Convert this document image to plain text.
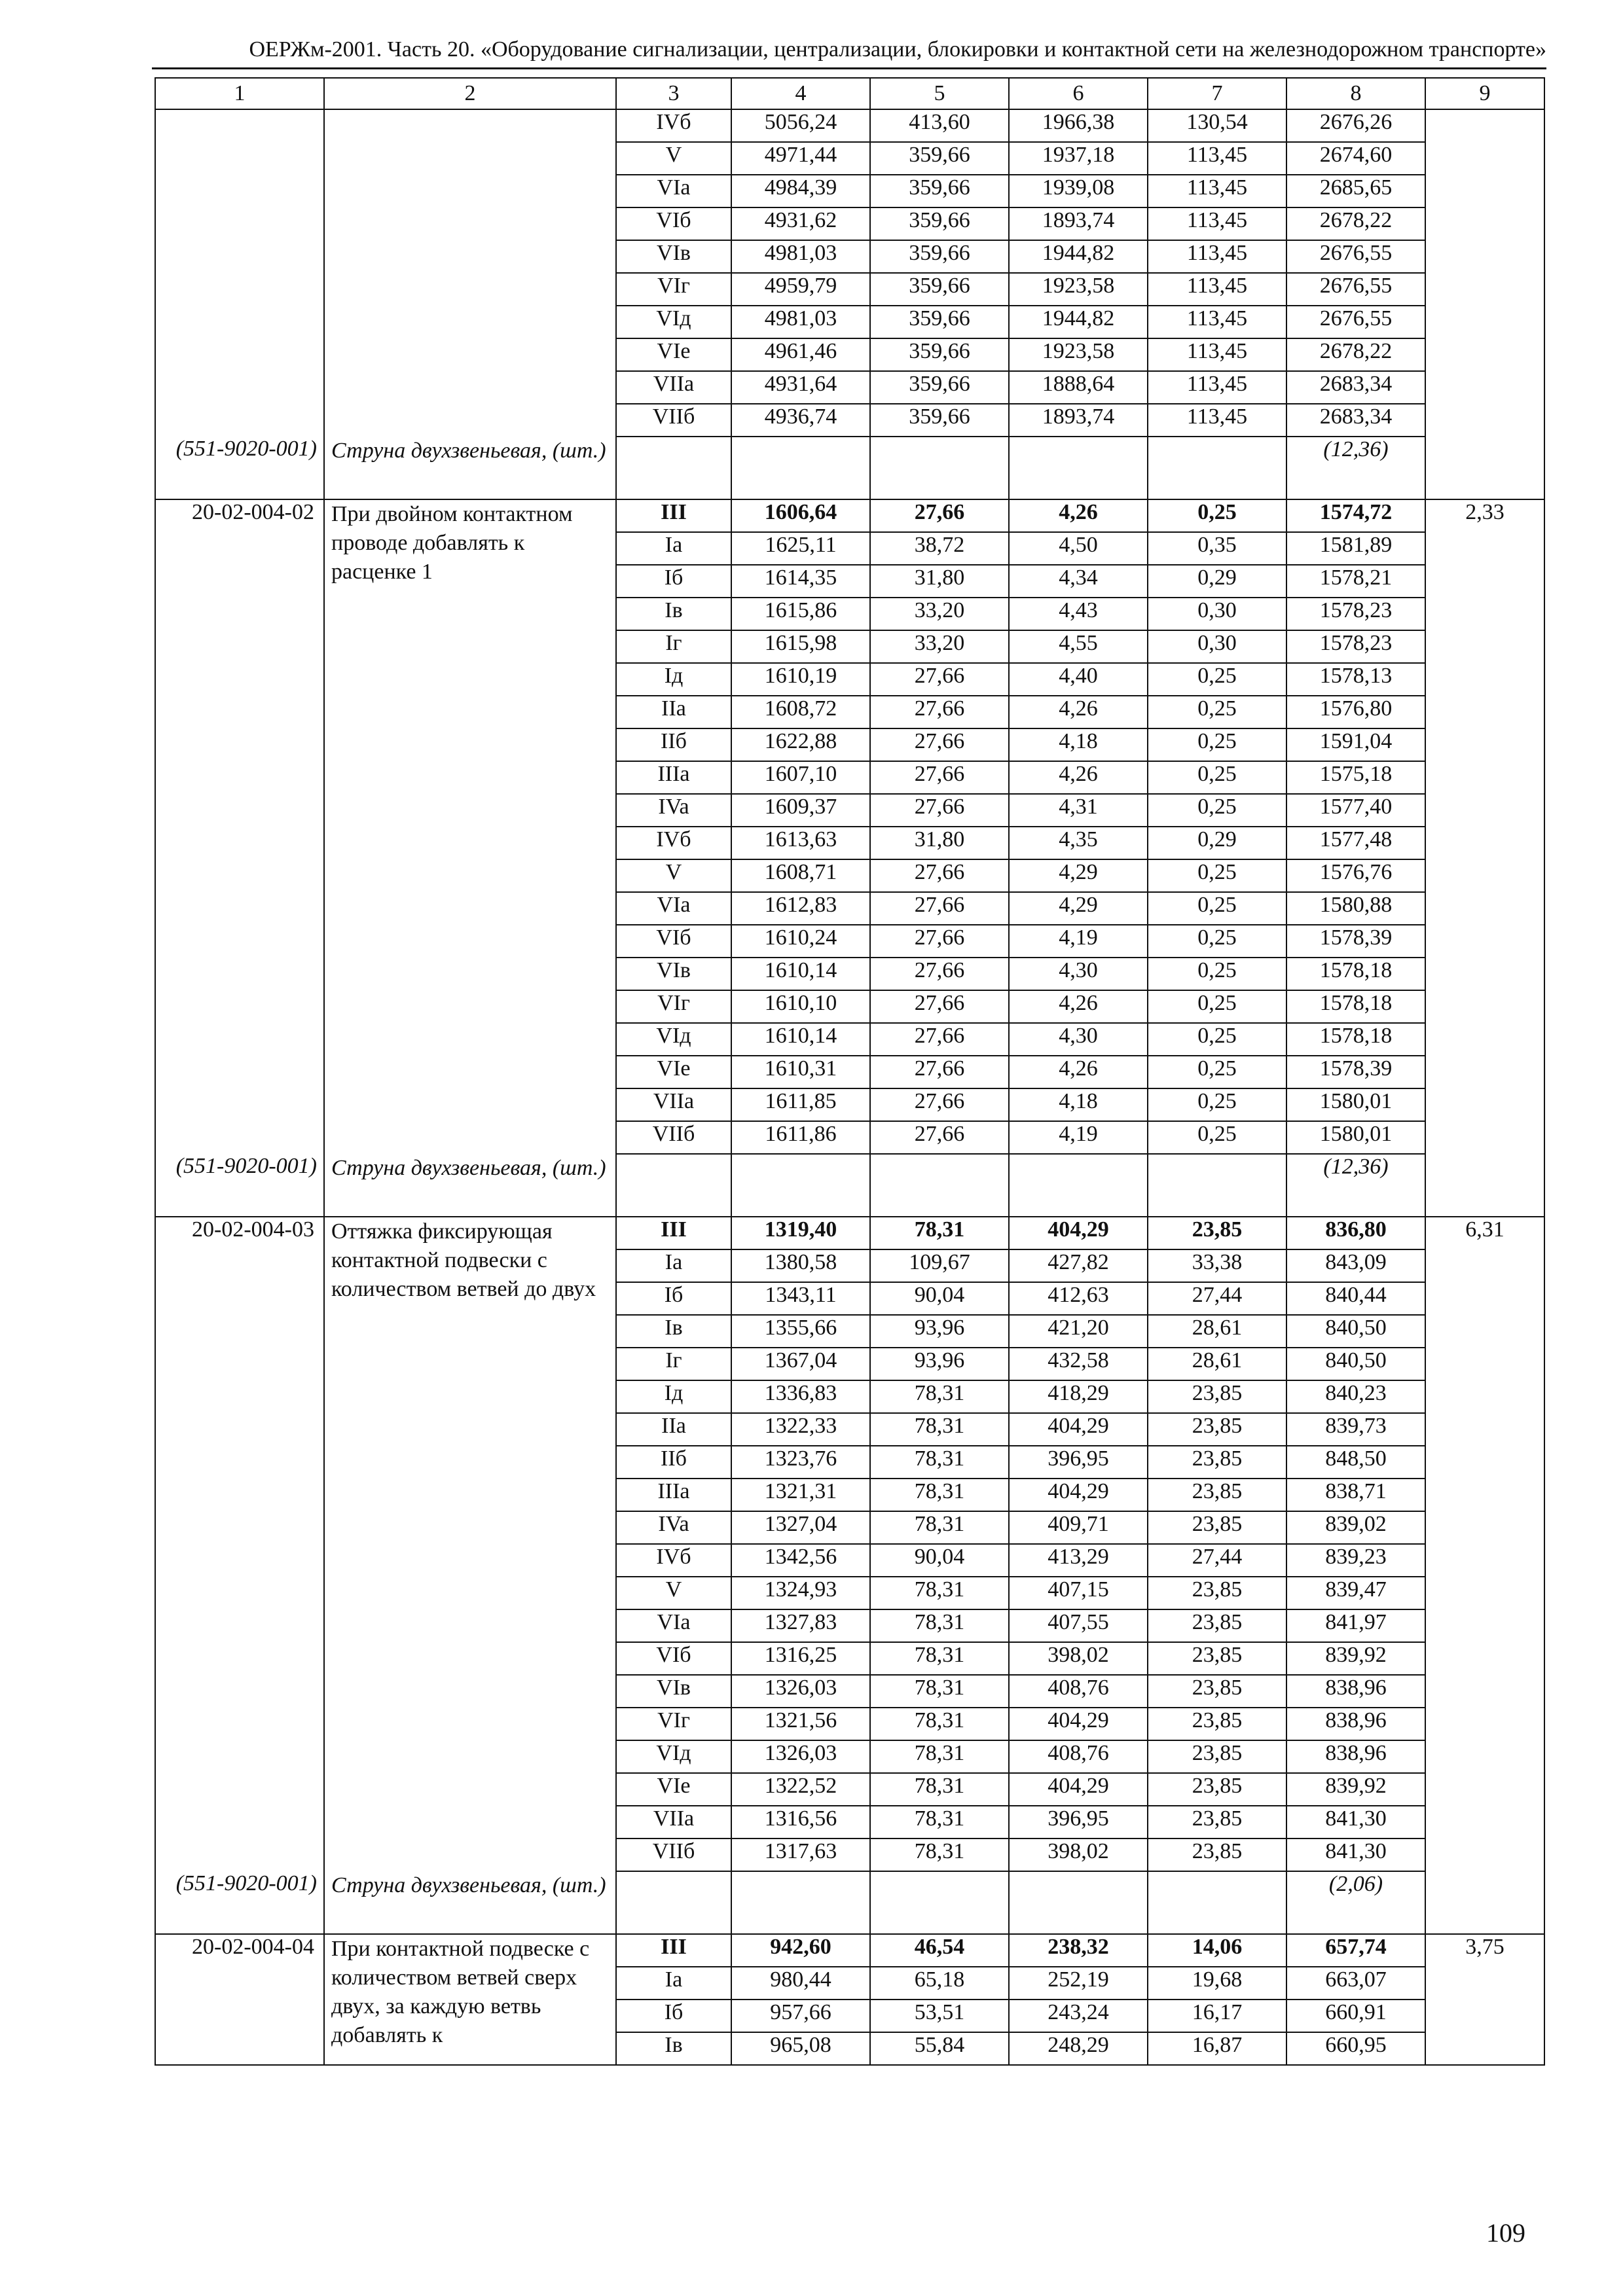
ОЕРЖм-2001. Часть 20. «Оборудование сигнализации, централизации, блокировки и контактной сети на железнодорожном транспорте»
1	2	3	4	5	6	7	8	9
		IVб	5056,24	413,60	1966,38	130,54	2676,26	
		V	4971,44	359,66	1937,18	113,45	2674,60	
		VIa	4984,39	359,66	1939,08	113,45	2685,65	
		VIб	4931,62	359,66	1893,74	113,45	2678,22	
		VIв	4981,03	359,66	1944,82	113,45	2676,55	
		VIг	4959,79	359,66	1923,58	113,45	2676,55	
		VIд	4981,03	359,66	1944,82	113,45	2676,55	
		VIе	4961,46	359,66	1923,58	113,45	2678,22	
		VIIa	4931,64	359,66	1888,64	113,45	2683,34	
		VIIб	4936,74	359,66	1893,74	113,45	2683,34	
(551-9020-001)	Струна двухзвеньевая, (шт.)						(12,36)	
20-02-004-02	При двойном контактном проводе добавлять к расценке 1	III	1606,64	27,66	4,26	0,25	1574,72	2,33
		Ia	1625,11	38,72	4,50	0,35	1581,89	
		Iб	1614,35	31,80	4,34	0,29	1578,21	
		Iв	1615,86	33,20	4,43	0,30	1578,23	
		Iг	1615,98	33,20	4,55	0,30	1578,23	
		Iд	1610,19	27,66	4,40	0,25	1578,13	
		IIa	1608,72	27,66	4,26	0,25	1576,80	
		IIб	1622,88	27,66	4,18	0,25	1591,04	
		IIIa	1607,10	27,66	4,26	0,25	1575,18	
		IVa	1609,37	27,66	4,31	0,25	1577,40	
		IVб	1613,63	31,80	4,35	0,29	1577,48	
		V	1608,71	27,66	4,29	0,25	1576,76	
		VIa	1612,83	27,66	4,29	0,25	1580,88	
		VIб	1610,24	27,66	4,19	0,25	1578,39	
		VIв	1610,14	27,66	4,30	0,25	1578,18	
		VIг	1610,10	27,66	4,26	0,25	1578,18	
		VIд	1610,14	27,66	4,30	0,25	1578,18	
		VIе	1610,31	27,66	4,26	0,25	1578,39	
		VIIa	1611,85	27,66	4,18	0,25	1580,01	
		VIIб	1611,86	27,66	4,19	0,25	1580,01	
(551-9020-001)	Струна двухзвеньевая, (шт.)						(12,36)	
20-02-004-03	Оттяжка фиксирующая контактной подвески с количеством ветвей до двух	III	1319,40	78,31	404,29	23,85	836,80	6,31
		Ia	1380,58	109,67	427,82	33,38	843,09	
		Iб	1343,11	90,04	412,63	27,44	840,44	
		Iв	1355,66	93,96	421,20	28,61	840,50	
		Iг	1367,04	93,96	432,58	28,61	840,50	
		Iд	1336,83	78,31	418,29	23,85	840,23	
		IIa	1322,33	78,31	404,29	23,85	839,73	
		IIб	1323,76	78,31	396,95	23,85	848,50	
		IIIa	1321,31	78,31	404,29	23,85	838,71	
		IVa	1327,04	78,31	409,71	23,85	839,02	
		IVб	1342,56	90,04	413,29	27,44	839,23	
		V	1324,93	78,31	407,15	23,85	839,47	
		VIa	1327,83	78,31	407,55	23,85	841,97	
		VIб	1316,25	78,31	398,02	23,85	839,92	
		VIв	1326,03	78,31	408,76	23,85	838,96	
		VIг	1321,56	78,31	404,29	23,85	838,96	
		VIд	1326,03	78,31	408,76	23,85	838,96	
		VIе	1322,52	78,31	404,29	23,85	839,92	
		VIIa	1316,56	78,31	396,95	23,85	841,30	
		VIIб	1317,63	78,31	398,02	23,85	841,30	
(551-9020-001)	Струна двухзвеньевая, (шт.)						(2,06)	
20-02-004-04	При контактной подвеске с количеством ветвей сверх двух, за каждую ветвь добавлять к	III	942,60	46,54	238,32	14,06	657,74	3,75
		Ia	980,44	65,18	252,19	19,68	663,07	
		Iб	957,66	53,51	243,24	16,17	660,91	
		Iв	965,08	55,84	248,29	16,87	660,95	
109
